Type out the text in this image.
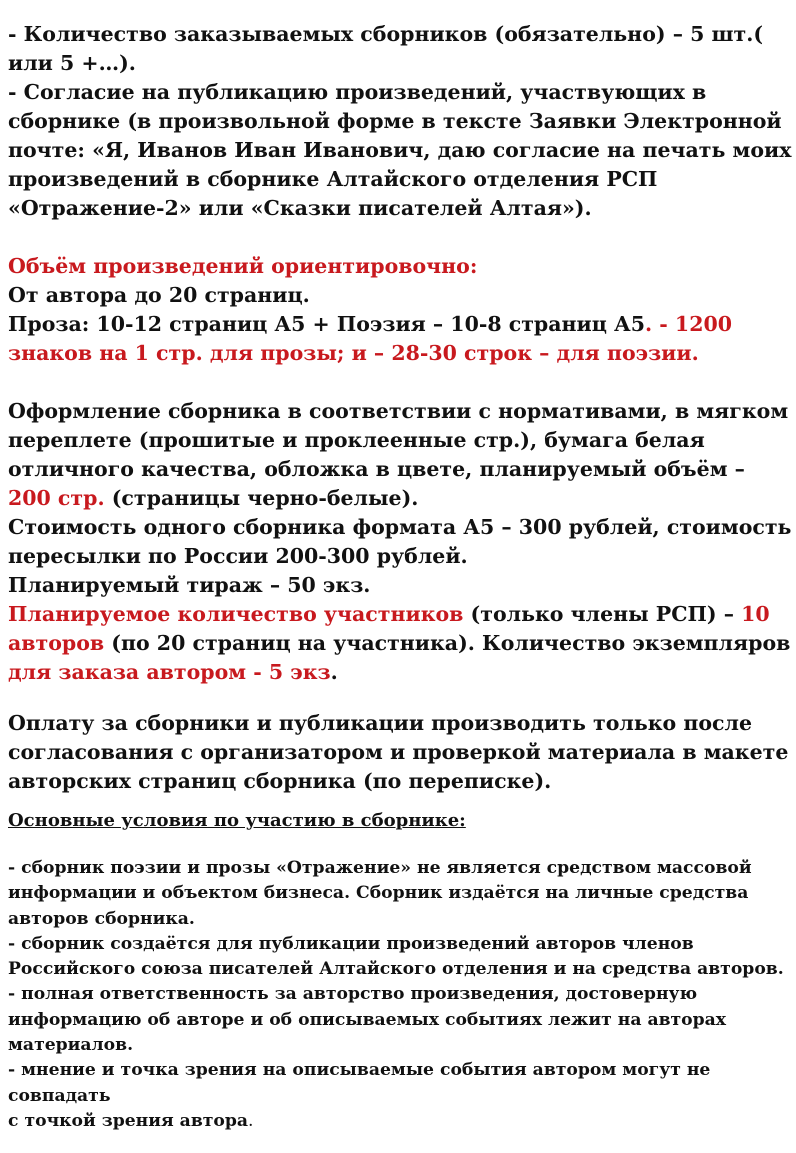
- Количество заказываемых сборников (обязательно) – 5 шт.( или 5 +…).

- Согласие на публикацию произведений, участвующих в сборнике (в произвольной форме в тексте Заявки Электронной почте: «Я, Иванов Иван Иванович, даю согласие на печать моих произведений в сборнике Алтайского отделения РСП «Отражение-2» или «Сказки писателей Алтая»).

Объём произведений ориентировочно:

От автора до 20 страниц.

Проза: 10-12 страниц А5 + Поэзия – 10-8 страниц А5. - 1200 знаков на 1 стр. для прозы; и – 28-30 строк – для поэзии.

Оформление сборника в соответствии с нормативами, в мягком переплете (прошитые и проклеенные стр.), бумага белая отличного качества, обложка в цвете, планируемый объём – 200 стр. (страницы черно-белые).

Стоимость одного сборника формата А5 – 300 рублей, стоимость пересылки по России 200-300 рублей.

Планируемый тираж – 50 экз.

Планируемое количество участников (только члены РСП) – 10 авторов (по 20 страниц на участника). Количество экземпляров для заказа автором - 5 экз.

Оплату за сборники и публикации производить только после согласования с организатором и проверкой материала в макете авторских страниц сборника (по переписке).

Основные условия по участию в сборнике:

- сборник поэзии и прозы «Отражение» не является средством массовой информации и объектом бизнеса. Сборник издаётся на личные средства авторов сборника.

- сборник создаётся для публикации произведений авторов членов Российского союза писателей Алтайского отделения и на средства авторов.

- полная ответственность за авторство произведения, достоверную информацию об авторе и об описываемых событиях лежит на авторах материалов.

- мнение и точка зрения на описываемые события автором могут не совпадать

с точкой зрения автора.
